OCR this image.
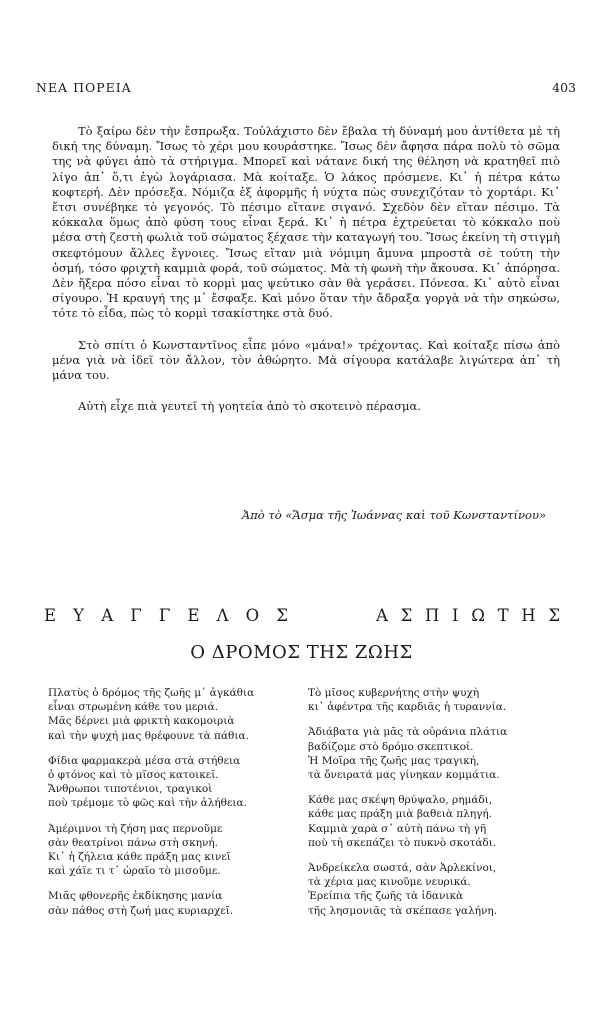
ΝΕΑ ΠΟΡΕΙΑ	403

Τὸ ξαίρω δὲν τὴν ἔσπρωξα. Τοὐλάχιστο δὲν ἔβαλα τὴ δύναμή μου ἀντίθετα μὲ τὴ δική της δύναμη. Ἴσως τὸ χέρι μου κουράστηκε. Ἴσως δὲν ἄφησα πάρα πολὺ τὸ σῶμα της νὰ φύγει ἀπὸ τὰ στήριγμα. Μπορεῖ καὶ νάτανε δική της θέληση νὰ κρατηθεῖ πιὸ λίγο ἀπ᾿ ὅ,τι ἐγὼ λογάριασα. Μὰ κοίταξε. Ὁ λάκος πρόσμενε. Κι᾿ ἡ πέτρα κάτω κοφτερή. Δὲν πρόσεξα. Νόμιζα ἐξ ἀφορμῆς ἡ νύχτα πὼς συνεχιζόταν τὸ χορτάρι. Κι᾿ ἔτσι συνέβηκε τὸ γεγονός. Τὸ πέσιμο εἴτανε σιγανό. Σχεδὸν δὲν εἴταν πέσιμο. Τὰ κόκκαλα ὅμως ἀπὸ φύση τους εἶναι ξερά. Κι᾿ ἡ πέτρα ἐχτρεύεται τὸ κόκκαλο ποὺ μέσα στὴ ζεστὴ φωλιὰ τοῦ σώματος ξέχασε τὴν καταγωγή του. Ἴσως ἐκείνη τὴ στιγμὴ σκεφτόμουν ἄλλες ἔγνοιες. Ἴσως εἴταν μιὰ νόμιμη ἄμυνα μπροστὰ σὲ τούτη τὴν ὀσμή, τόσο φριχτὴ καμμιὰ φορά, τοῦ σώματος. Μὰ τὴ φωνὴ τὴν ἄκουσα. Κι᾿ ἀπόρησα. Δὲν ἤξερα πόσο εἶναι τὸ κορμὶ μας ψεύτικο σὰν θὰ γεράσει. Πόνεσα. Κι᾿ αὐτὸ εἶναι σίγουρο. Ἡ κραυγή της μ᾿ ἔσφαξε. Καὶ μόνο ὅταν τὴν ἄδραξα γοργὰ νὰ τὴν σηκώσω, τότε τὸ εἶδα, πὼς τὸ κορμὶ τσακίστηκε στὰ δυό.

Στὸ σπίτι ὁ Κωνσταντῖνος εἶπε μόνο «μάνα!» τρέχοντας. Καὶ κοίταξε πίσω ἀπὸ μένα γιὰ νὰ ἰδεῖ τὸν ἄλλον, τὸν ἀθώρητο. Μὰ σίγουρα κατάλαβε λιγώτερα ἀπ᾿ τὴ μάνα του.

Αὐτὴ εἶχε πιὰ γευτεῖ τὴ γοητεία ἀπὸ τὸ σκοτεινὸ πέρασμα.

Ἀπὸ τὸ «Ἄσμα τῆς Ἰωάννας καὶ τοῦ Κωνσταντίνου»
Ε Υ Α Γ Γ Ε Λ Ο Σ	Α Σ Π Ι Ω Τ Η Σ
Ο ΔΡΟΜΟΣ ΤΗΣ ΖΩΗΣ
Πλατὺς ὁ δρόμος τῆς ζωῆς μ᾿ ἀγκάθια
εἶναι στρωμένη κάθε του μεριά.
Μᾶς δέρνει μιὰ φρικτὴ κακομοιριὰ
καὶ τὴν ψυχή μας θρέφουνε τὰ πάθια.
Φίδια φαρμακερὰ μέσα στὰ στήθεια
ὁ φτόνος καὶ τὸ μῖσος κατοικεῖ.
Ἄνθρωποι τιποτένιοι, τραγικοὶ
ποὺ τρέμομε τὸ φῶς καὶ τὴν ἀλήθεια.
Ἀμέριμνοι τὴ ζήση μας περνοῦμε
σὰν θεατρίνοι πάνω στὴ σκηνή.
Κι᾿ ἡ ζήλεια κάθε πράξη μας κινεῖ
καὶ χάϊε τι τ᾿ ὡραῖο τὸ μισοῦμε.
Μιᾶς φθονερῆς ἐκδίκησης μανία
σὰν πάθος στὴ ζωή μας κυριαρχεῖ.
Τὸ μῖσος κυβερνήτης στὴν ψυχὴ
κι᾿ ἀφέντρα τῆς καρδιᾶς ἡ τυραννία.
Ἀδιάβατα γιὰ μᾶς τὰ οὐράνια πλάτια
βαδίζομε στὸ δρόμο σκεπτικοί.
Ἡ Μοῖρα τῆς ζωῆς μας τραγική,
τὰ ὄνειρατά μας γίνηκαν κομμάτια.
Κάθε μας σκέψη θρύψαλο, ρημάδι,
κάθε μας πράξη μιὰ βαθειὰ πληγή.
Καμμιὰ χαρὰ σ᾿ αὐτὴ πάνω τὴ γῆ
ποὺ τὴ σκεπάζει τὸ πυκνὸ σκοτάδι.
Ἀνδρείκελα σωστά, σὰν Ἀρλεκίνοι,
τὰ χέρια μας κινοῦμε νευρικά.
Ἐρείπια τῆς ζωῆς τὰ ἰδανικὰ
τῆς λησμονιᾶς τὰ σκέπασε γαλήνη.
